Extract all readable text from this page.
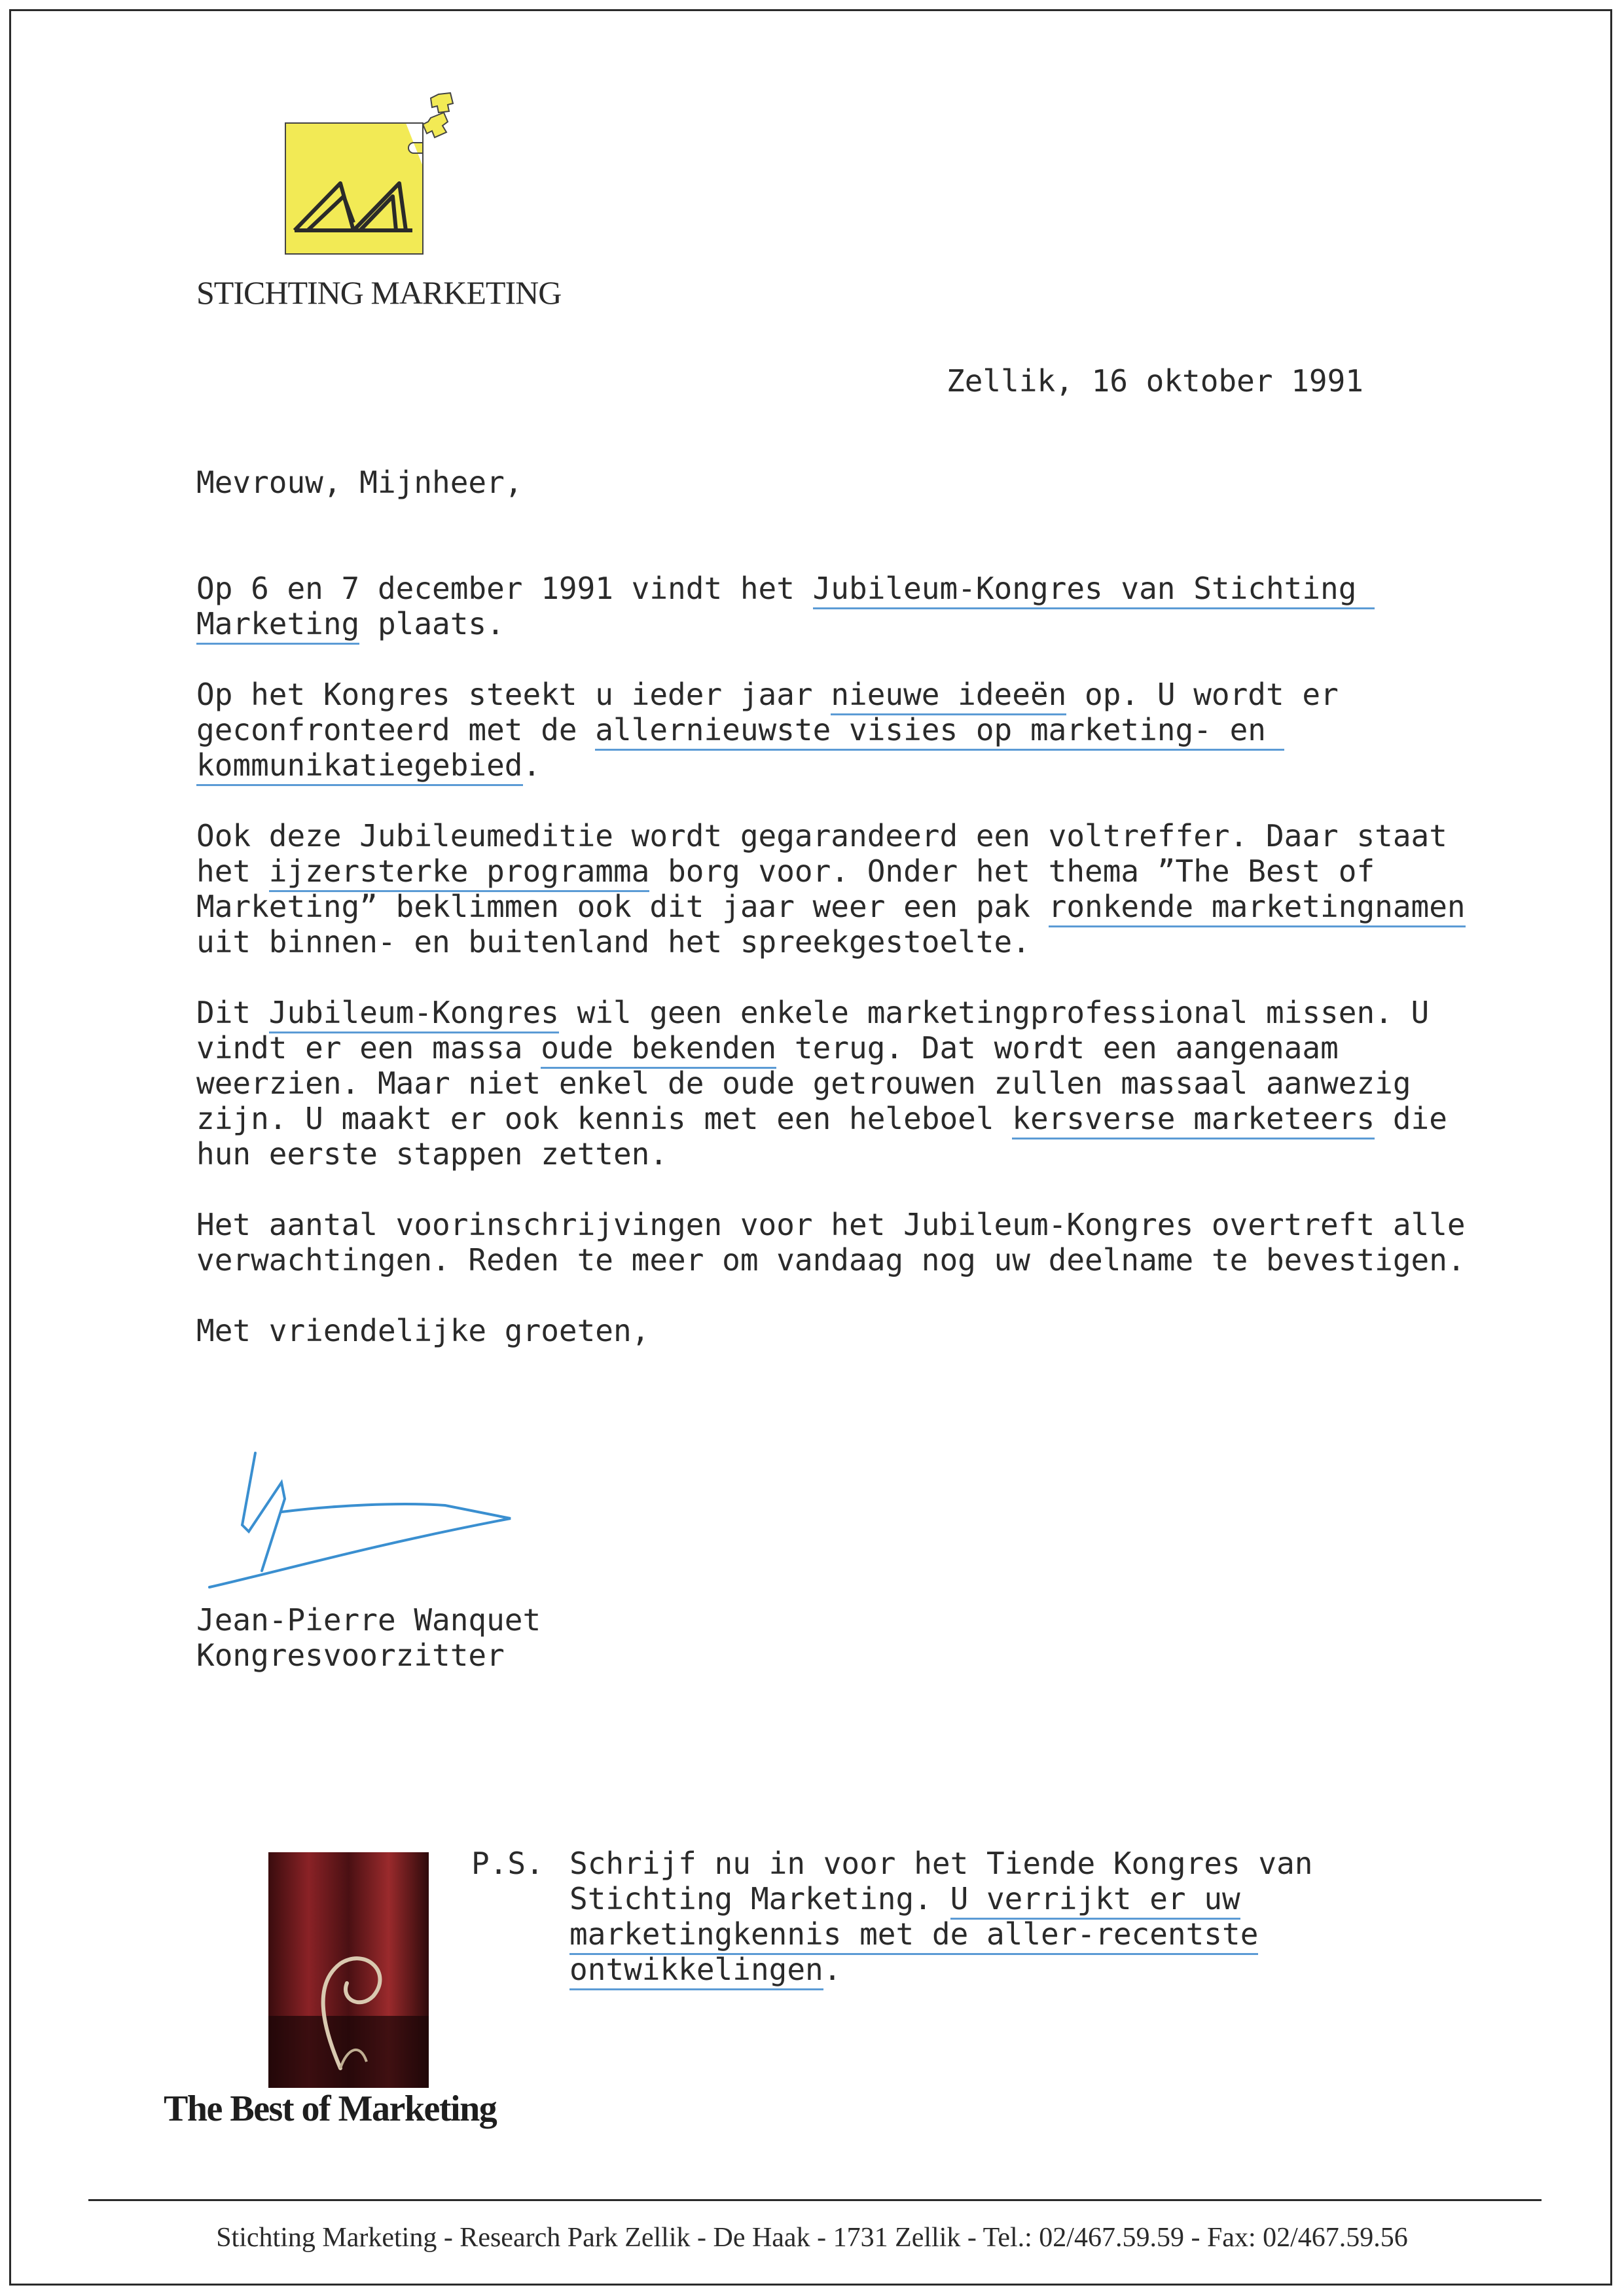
STICHTING MARKETING
Zellik, 16 oktober 1991

Mevrouw, Mijnheer,

Op 6 en 7 december 1991 vindt het Jubileum-Kongres van Stichting Marketing plaats.

Op het Kongres steekt u ieder jaar nieuwe ideeën op. U wordt er geconfronteerd met de allernieuwste visies op marketing- en kommunikatiegebied.

Ook deze Jubileumeditie wordt gegarandeerd een voltreffer. Daar staat het ijzersterke programma borg voor. Onder het thema ”The Best of Marketing” beklimmen ook dit jaar weer een pak ronkende marketingnamen uit binnen- en buitenland het spreekgestoelte.

Dit Jubileum-Kongres wil geen enkele marketingprofessional missen. U vindt er een massa oude bekenden terug. Dat wordt een aangenaam weerzien. Maar niet enkel de oude getrouwen zullen massaal aanwezig zijn. U maakt er ook kennis met een heleboel kersverse marketeers die hun eerste stappen zetten.

Het aantal voorinschrijvingen voor het Jubileum-Kongres overtreft alle verwachtingen. Reden te meer om vandaag nog uw deelname te bevestigen.

Met vriendelijke groeten,

Jean-Pierre Wanquet
Kongresvoorzitter
The Best of Marketing
P.S. Schrijf nu in voor het Tiende Kongres van Stichting Marketing. U verrijkt er uw marketingkennis met de aller-recentste ontwikkelingen.
Stichting Marketing - Research Park Zellik - De Haak - 1731 Zellik - Tel.: 02/467.59.59 - Fax: 02/467.59.56
